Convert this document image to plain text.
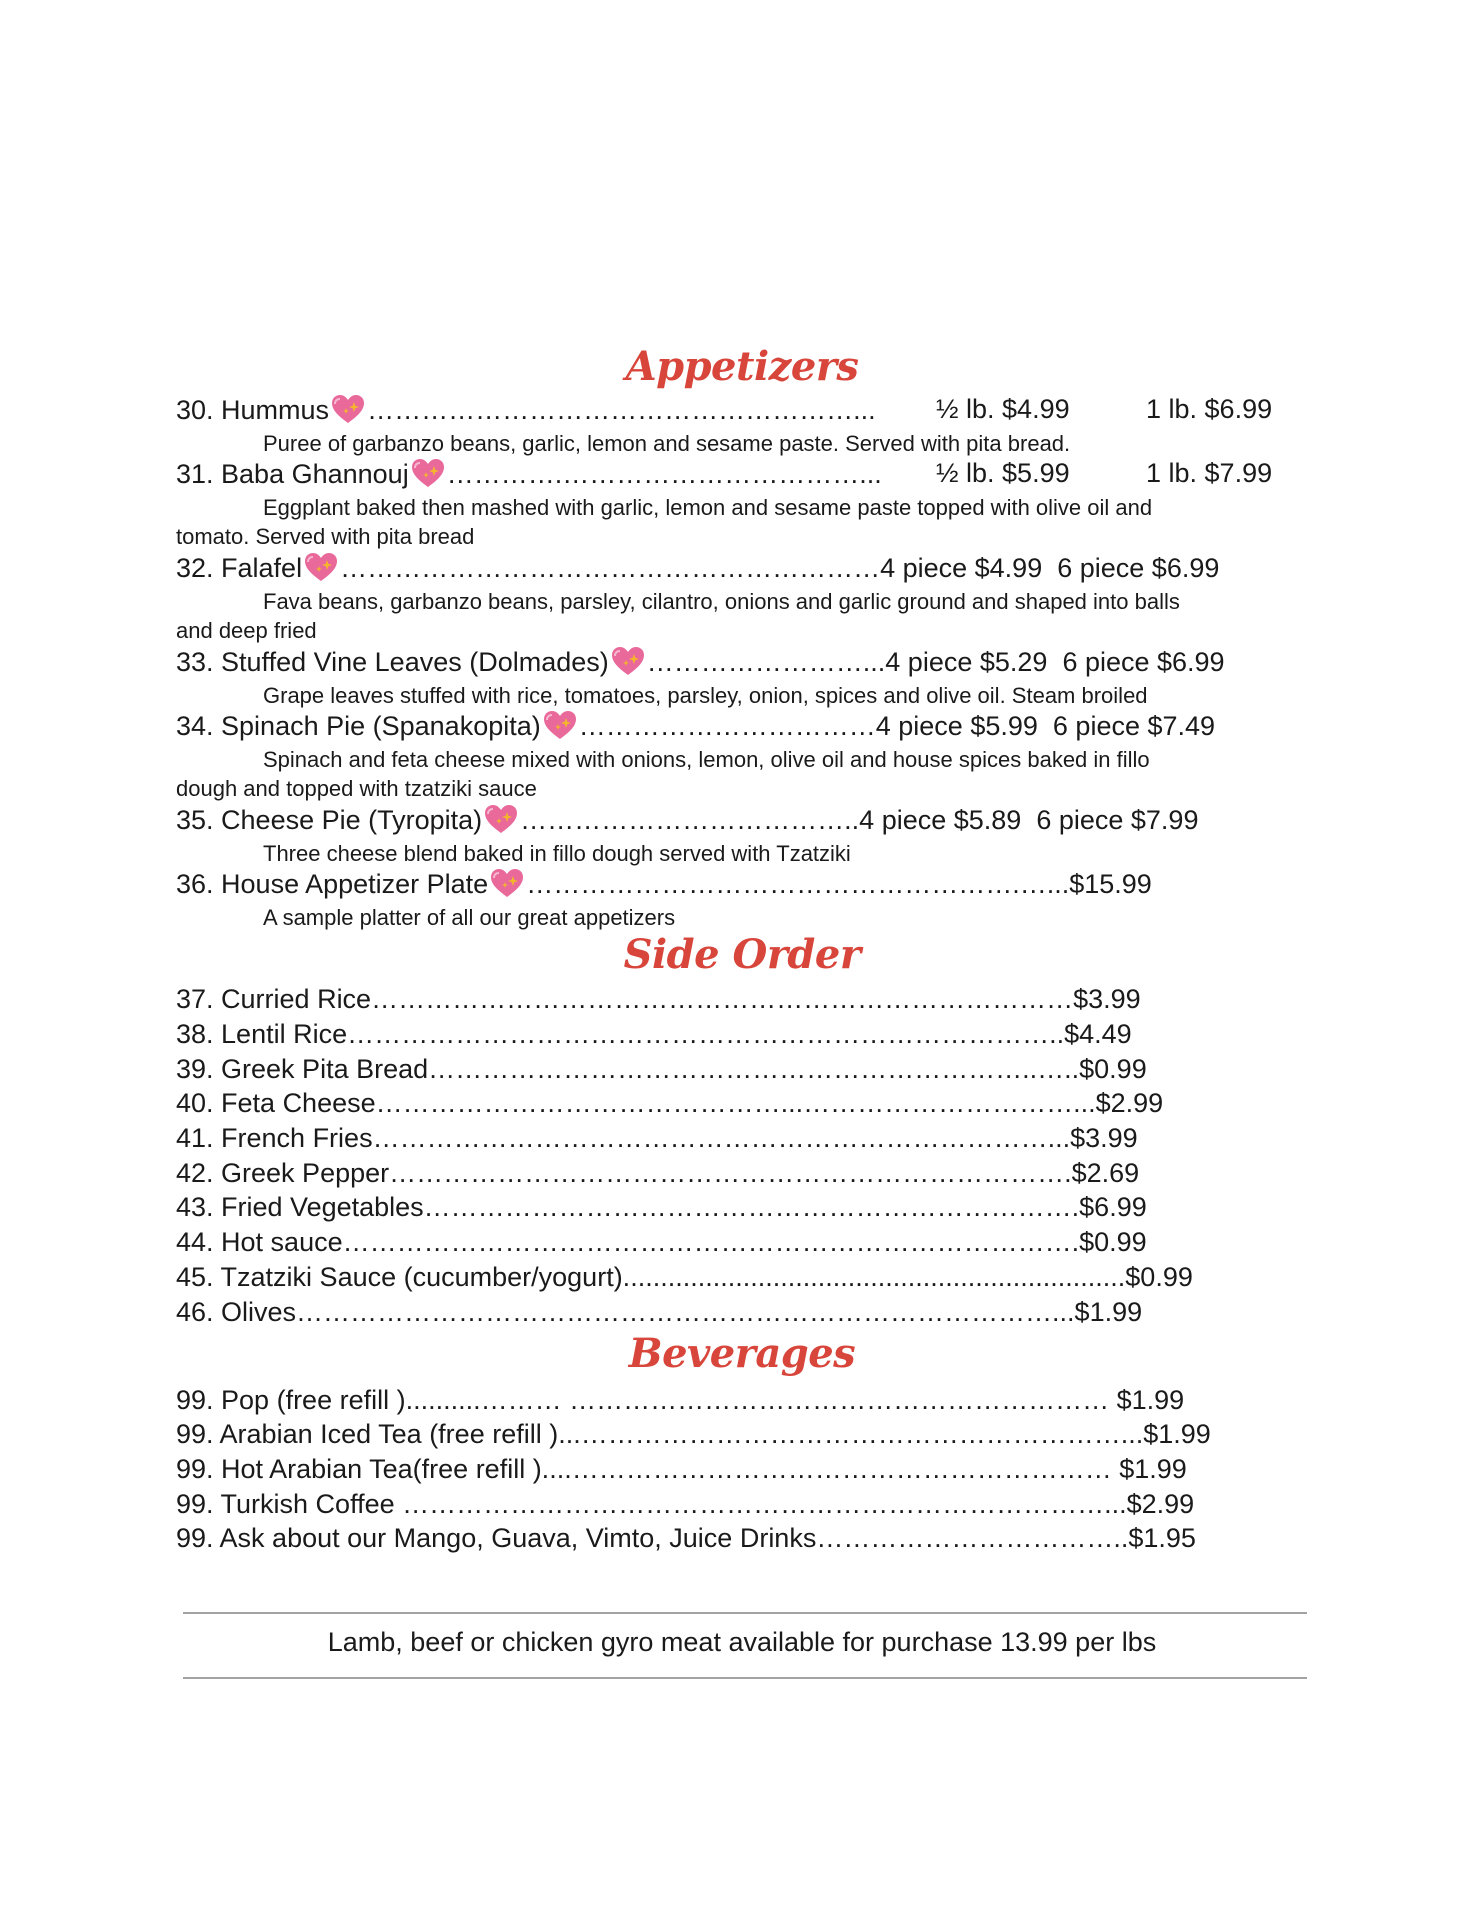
Appetizers
30. Hummus ………………………………………………... ½ lb. $4.99	1 lb. $6.99
Puree of garbanzo beans, garlic, lemon and sesame paste. Served with pita bread.
31. Baba Ghannouj ………….……………………………... ½ lb. $5.99	1 lb. $7.99
Eggplant baked then mashed with garlic, lemon and sesame paste topped with olive oil and
tomato. Served with pita bread
32. Falafel ……………………………………………………4 piece $4.99 6 piece $6.99
Fava beans, garbanzo beans, parsley, cilantro, onions and garlic ground and shaped into balls
and deep fried
33. Stuffed Vine Leaves (Dolmades) ……………………...4 piece $5.29 6 piece $6.99
Grape leaves stuffed with rice, tomatoes, parsley, onion, spices and olive oil. Steam broiled
34. Spinach Pie (Spanakopita) ……………………………4 piece $5.99 6 piece $7.49
Spinach and feta cheese mixed with onions, lemon, olive oil and house spices baked in fillo
dough and topped with tzatziki sauce
35. Cheese Pie (Tyropita) ………………………………..4 piece $5.89 6 piece $7.99
Three cheese blend baked in fillo dough served with Tzatziki
36. House Appetizer Plate ……………………………………………….…...$15.99
A sample platter of all our great appetizers
Side Order
37. Curried Rice……………………………………………………………………$3.99
38. Lentil Rice……………………………………………………………………..$4.49
39. Greek Pita Bread…………………………………………………………..…..$0.99
40. Feta Cheese………………………………………...…………………………...$2.99
41. French Fries…………………………………………………………………...$3.99
42. Greek Pepper………………………………………………………………….$2.69
43. Fried Vegetables……………………………………………………………….$6.99
44. Hot sauce……………………………………………………………………….$0.99
45. Tzatziki Sauce (cucumber/yogurt)...................................................................$0.99
46. Olives…………………………………………………………………………...$1.99
Beverages
99. Pop (free refill )..........……… …………………………………………………… $1.99
99. Arabian Iced Tea (free refill )...……………………………………………………...$1.99
99. Hot Arabian Tea(free refill )....…………………………………………………… $1.99
99. Turkish Coffee ……………………………………………………………………...$2.99
99. Ask about our Mango, Guava, Vimto, Juice Drinks……………………………..$1.95
Lamb, beef or chicken gyro meat available for purchase 13.99 per lbs
